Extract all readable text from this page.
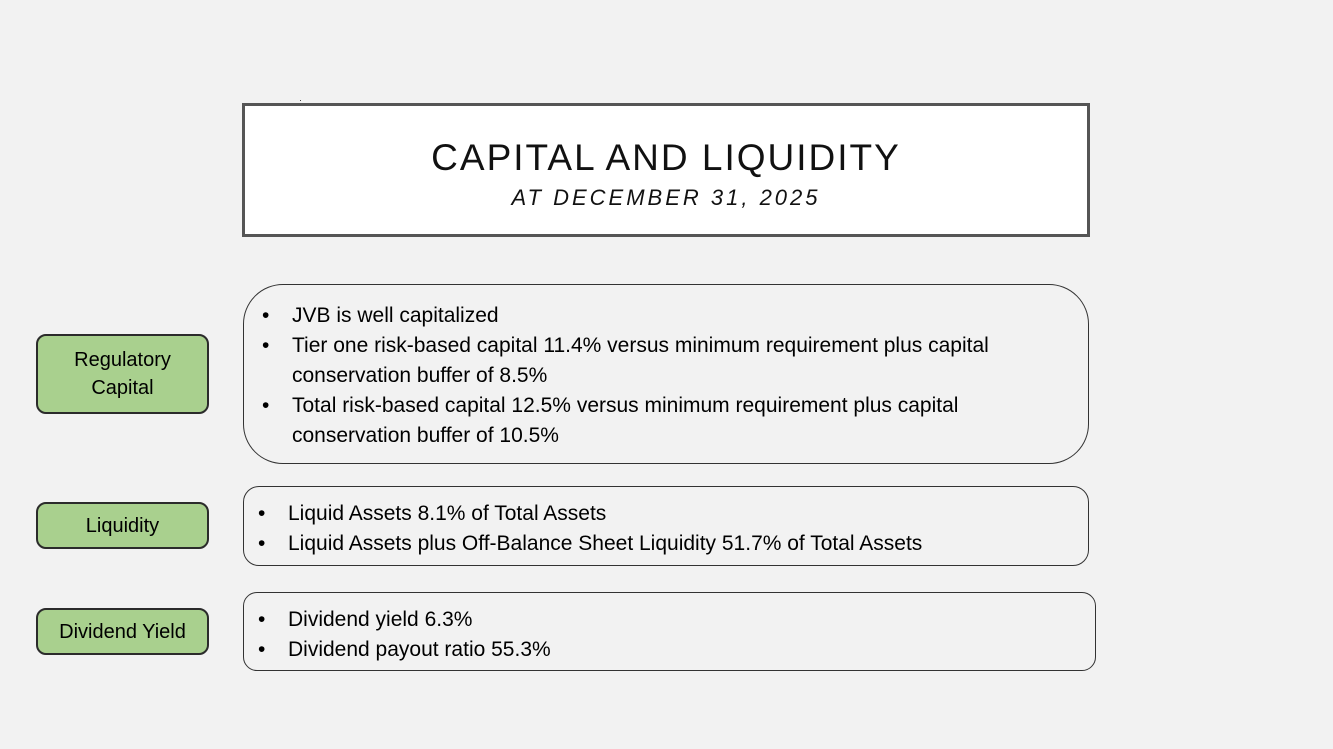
CAPITAL AND LIQUIDITY
AT DECEMBER 31, 2025
Regulatory Capital
•	JVB is well capitalized
•	Tier one risk-based capital 11.4% versus minimum requirement plus capital conservation buffer of 8.5%
•	Total risk-based capital 12.5% versus minimum requirement plus capital conservation buffer of 10.5%
Liquidity
•	Liquid Assets 8.1% of Total Assets
•	Liquid Assets plus Off-Balance Sheet Liquidity 51.7% of Total Assets
Dividend Yield
•	Dividend yield 6.3%
•	Dividend payout ratio 55.3%
